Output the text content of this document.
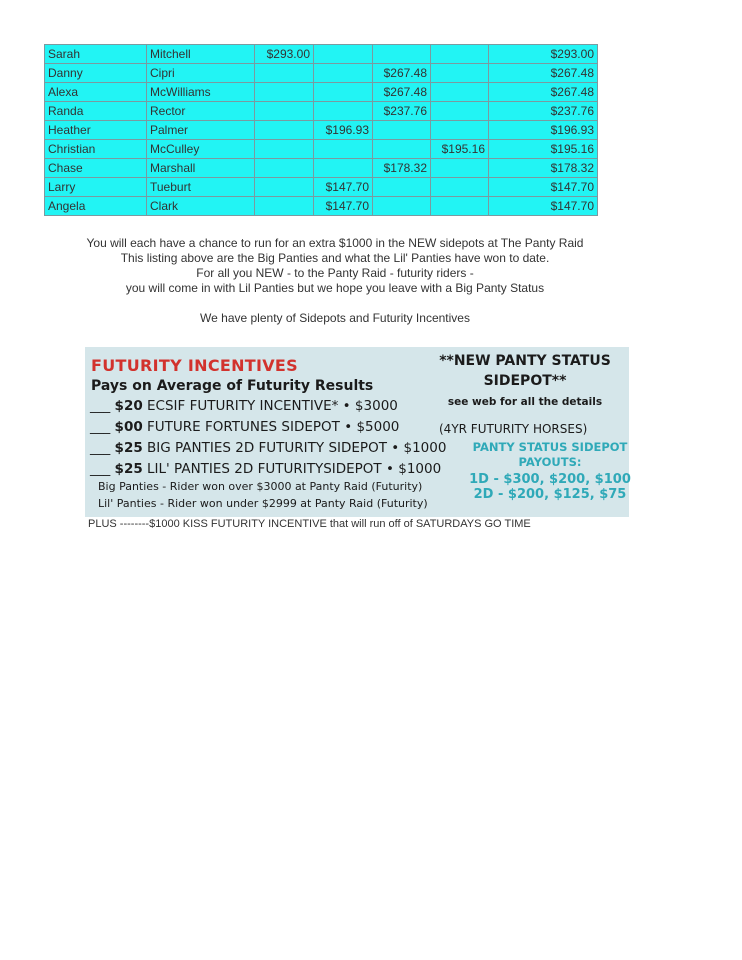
Sarah	Mitchell	$293.00				$293.00
Danny	Cipri			$267.48		$267.48
Alexa	McWilliams			$267.48		$267.48
Randa	Rector			$237.76		$237.76
Heather	Palmer		$196.93			$196.93
Christian	McCulley				$195.16	$195.16
Chase	Marshall			$178.32		$178.32
Larry	Tueburt		$147.70			$147.70
Angela	Clark		$147.70			$147.70

You will each have a chance to run for an extra $1000 in the NEW sidepots at The Panty Raid

This listing above are the Big Panties and what the Lil' Panties have won to date.

For all you NEW - to the Panty Raid - futurity riders -

you will come in with Lil Panties but we hope you leave with a Big Panty Status

We have plenty of Sidepots and Futurity Incentives

FUTURITY INCENTIVES
Pays on Average of Futurity Results
___ $20 ECSIF FUTURITY INCENTIVE* • $3000
___ $00 FUTURE FORTUNES SIDEPOT • $5000
___ $25 BIG PANTIES 2D FUTURITY SIDEPOT • $1000
___ $25 LIL' PANTIES 2D FUTURITYSIDEPOT • $1000
Big Panties - Rider won over $3000 at Panty Raid (Futurity)
Lil' Panties - Rider won under $2999 at Panty Raid (Futurity)
**NEW PANTY STATUS
SIDEPOT**
see web for all the details
(4YR FUTURITY HORSES)
PANTY STATUS SIDEPOT
PAYOUTS:
1D - $300, $200, $100
2D - $200, $125, $75
PLUS --------$1000 KISS FUTURITY INCENTIVE that will run off of SATURDAYS GO TIME
